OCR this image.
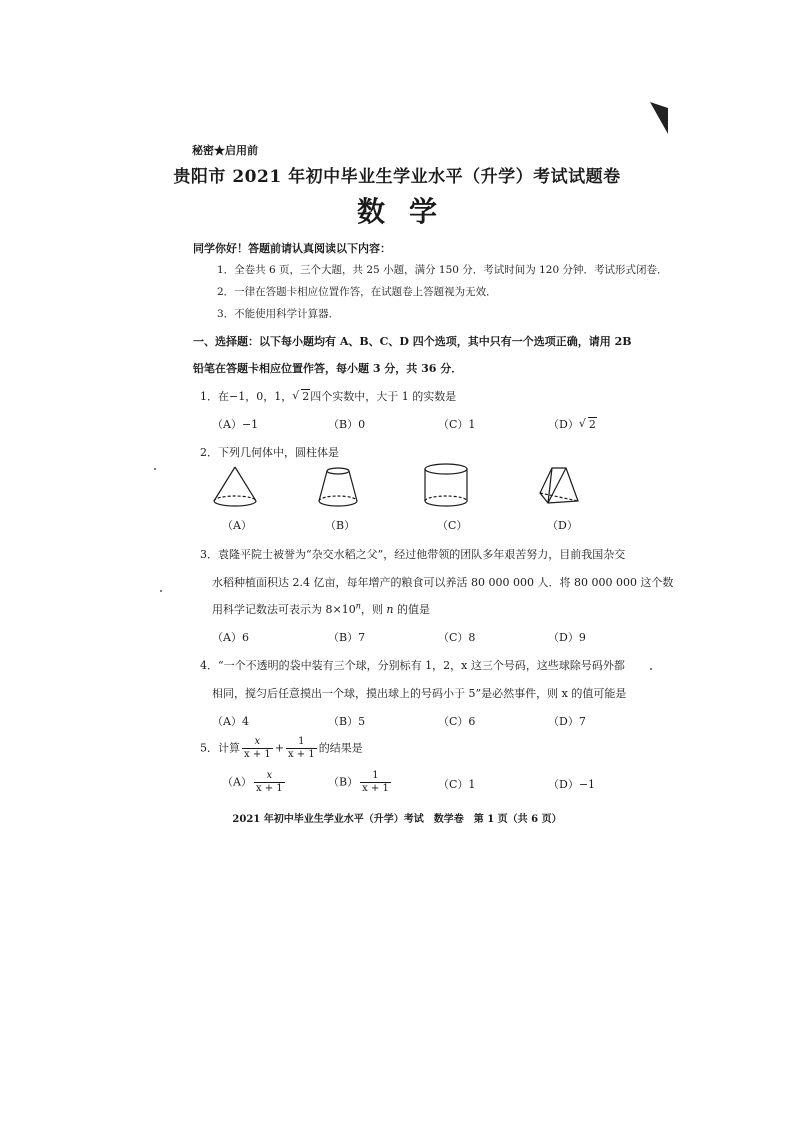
秘密★启用前
贵阳市 2021 年初中毕业生学业水平（升学）考试试题卷
数学
同学你好！答题前请认真阅读以下内容：
1．全卷共 6 页，三个大题，共 25 小题，满分 150 分．考试时间为 120 分钟．考试形式闭卷．
2．一律在答题卡相应位置作答，在试题卷上答题视为无效．
3．不能使用科学计算器．
一、选择题：以下每小题均有 A、B、C、D 四个选项，其中只有一个选项正确，请用 2B
铅笔在答题卡相应位置作答，每小题 3 分，共 36 分．
1．在−1，0，1， √ 2四个实数中，大于 1 的实数是
（A）−1	（B）0	（C）1	（D） √ 2
2．下列几何体中，圆柱体是
（A）	（B）	（C）	（D）
3．袁隆平院士被誉为“杂交水稻之父”，经过他带领的团队多年艰苦努力，目前我国杂交
水稻种植面积达 2.4 亿亩，每年增产的粮食可以养活 80 000 000 人．将 80 000 000 这个数
用科学记数法可表示为 $8\times 10^n$，则 n 的值是
（A）6	（B）7	（C）8	（D）9
4．“一个不透明的袋中装有三个球，分别标有 1，2，x 这三个号码，这些球除号码外都
相同，搅匀后任意摸出一个球，摸出球上的号码小于 5”是必然事件，则 x 的值可能是
（A）4	（B）5	（C）6	（D）7
5．计算 $\frac{x}{x + 1} + \frac{1}{x + 1}$ 的结果是
$(A) \frac{x}{x + 1}$	$(B) \frac{1}{x + 1}$	（C）1	（D）−1
2021 年初中毕业生学业水平（升学）考试　数学卷　第 1 页（共 6 页）
